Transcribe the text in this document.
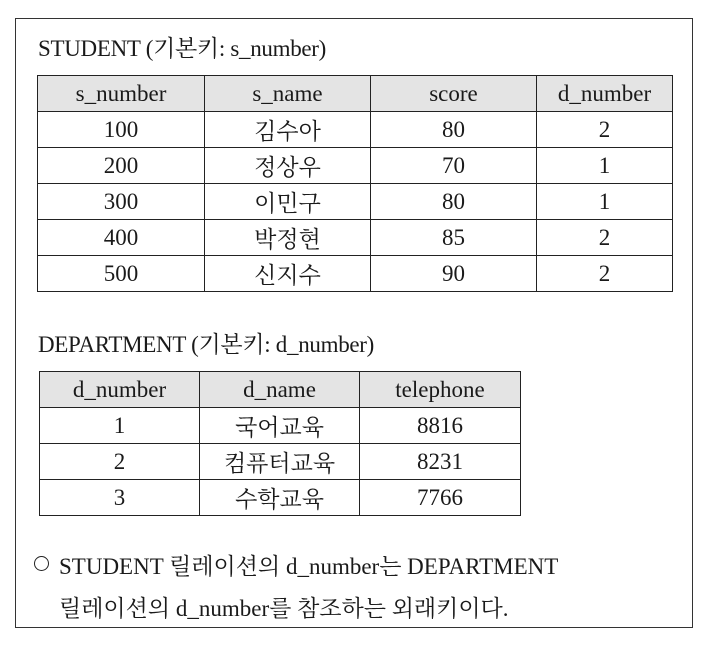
STUDENT (기본키: s_number)
s_number	s_name	score	d_number
100	김수아	80	2
200	정상우	70	1
300	이민구	80	1
400	박정현	85	2
500	신지수	90	2
DEPARTMENT (기본키: d_number)
d_number	d_name	telephone
1	국어교육	8816
2	컴퓨터교육	8231
3	수학교육	7766
STUDENT 릴레이션의 d_number는 DEPARTMENT
릴레이션의 d_number를 참조하는 외래키이다.
